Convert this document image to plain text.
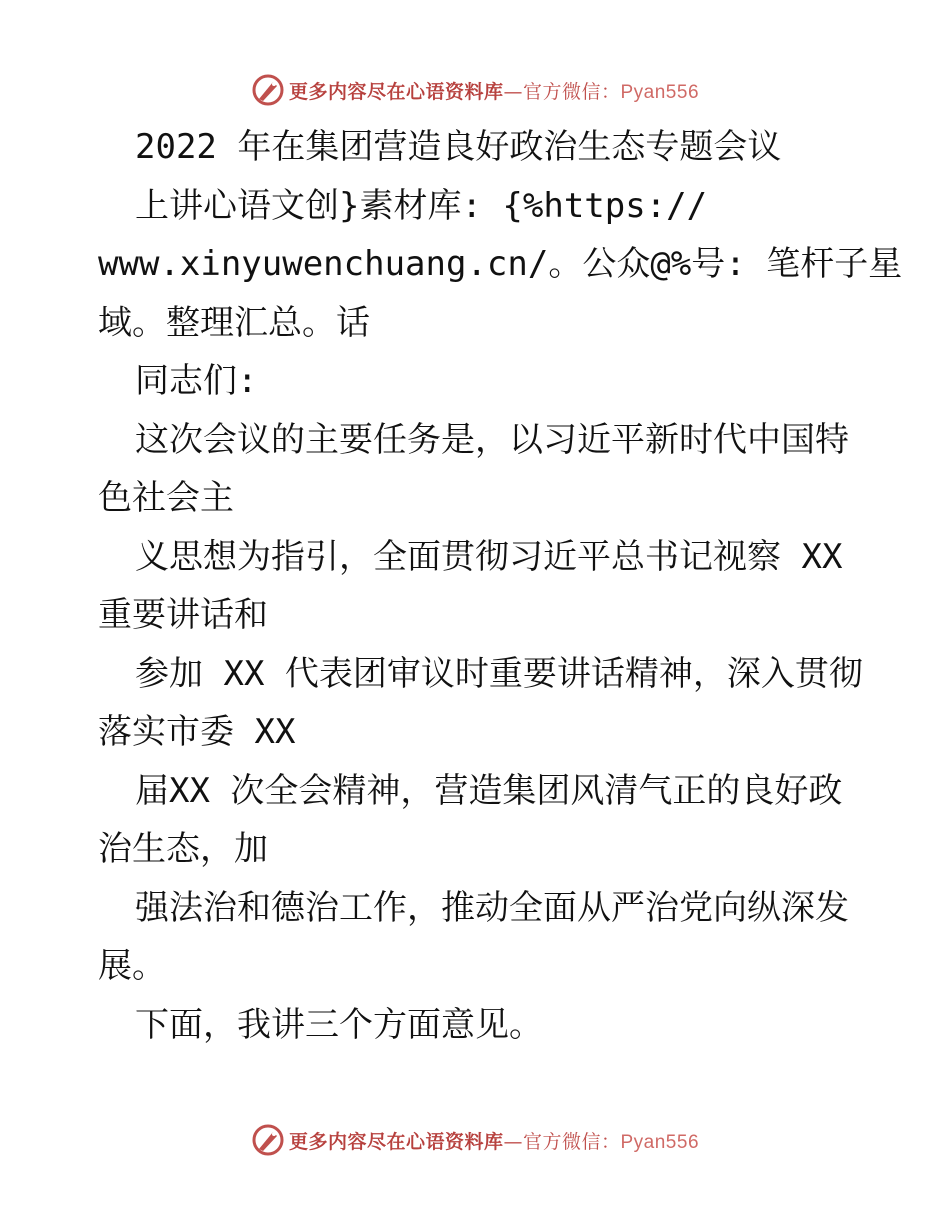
更多内容尽在心语资料库—官方微信：Pyan556
2022 年在集团营造良好政治生态专题会议
上讲心语文创}素材库: {%https://
www.xinyuwenchuang.cn/。公众@%号: 笔杆子星
域。整理汇总。话
同志们:
这次会议的主要任务是，以习近平新时代中国特
色社会主
义思想为指引，全面贯彻习近平总书记视察 XX
重要讲话和
参加 XX 代表团审议时重要讲话精神，深入贯彻
落实市委 XX
届XX 次全会精神，营造集团风清气正的良好政
治生态，加
强法治和德治工作，推动全面从严治党向纵深发
展。
下面，我讲三个方面意见。
更多内容尽在心语资料库—官方微信：Pyan556
